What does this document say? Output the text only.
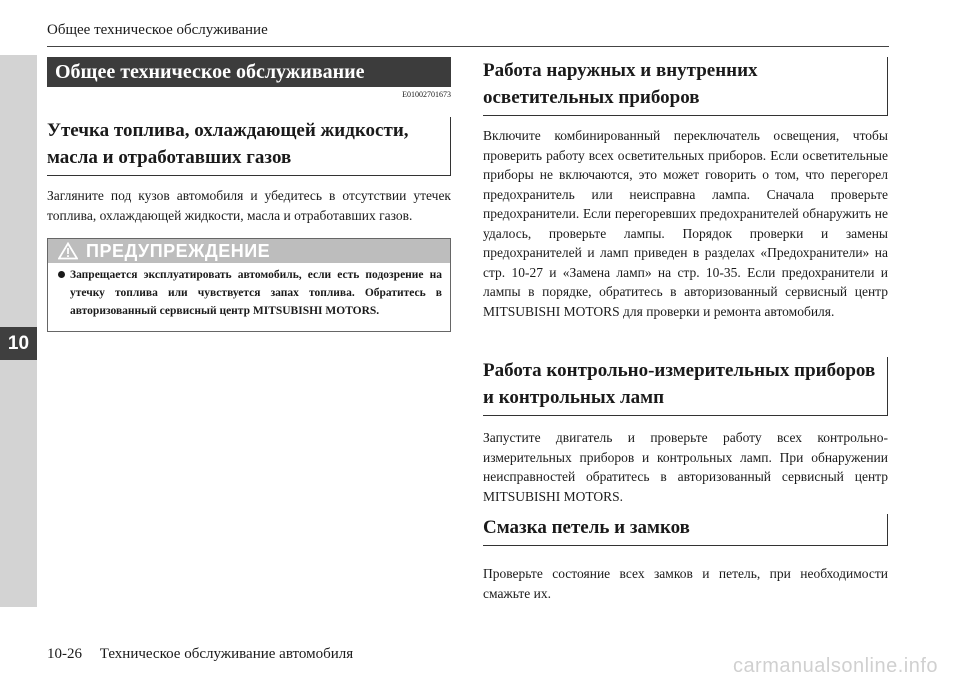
10
Общее техническое обслуживание
Общее техническое обслуживание
E01002701673
Утечка топлива, охлаждающей жидкости,
масла и отработавших газов
Загляните под кузов автомобиля и убедитесь в отсутствии утечек топлива, охлаждающей жидкости, масла и отработавших газов.
ПРЕДУПРЕЖДЕНИЕ
Запрещается эксплуатировать автомобиль, если есть подозрение на утечку топлива или чувствуется запах топлива. Обратитесь в авторизованный сервисный центр MITSUBISHI MOTORS.
Работа наружных и внутренних
осветительных приборов
Включите комбинированный переключатель освещения, чтобы проверить работу всех осветительных приборов. Если осветительные приборы не включаются, это может говорить о том, что перегорел предохранитель или неисправна лампа. Сначала проверьте предохранители. Если перегоревших предохранителей обнаружить не удалось, проверьте лампы. Порядок проверки и замены предохранителей и ламп приведен в разделах «Предохранители» на стр. 10-27 и «Замена ламп» на стр. 10-35. Если предохранители и лампы в порядке, обратитесь в авторизованный сервисный центр MITSUBISHI MOTORS для проверки и ремонта автомобиля.
Работа контрольно-измерительных приборов
и контрольных ламп
Запустите двигатель и проверьте работу всех контрольно-измерительных приборов и контрольных ламп. При обнаружении неисправностей обратитесь в авторизованный сервисный центр MITSUBISHI MOTORS.
Смазка петель и замков
Проверьте состояние всех замков и петель, при необходимости смажьте их.
10-26 Техническое обслуживание автомобиля
carmanualsonline.info
